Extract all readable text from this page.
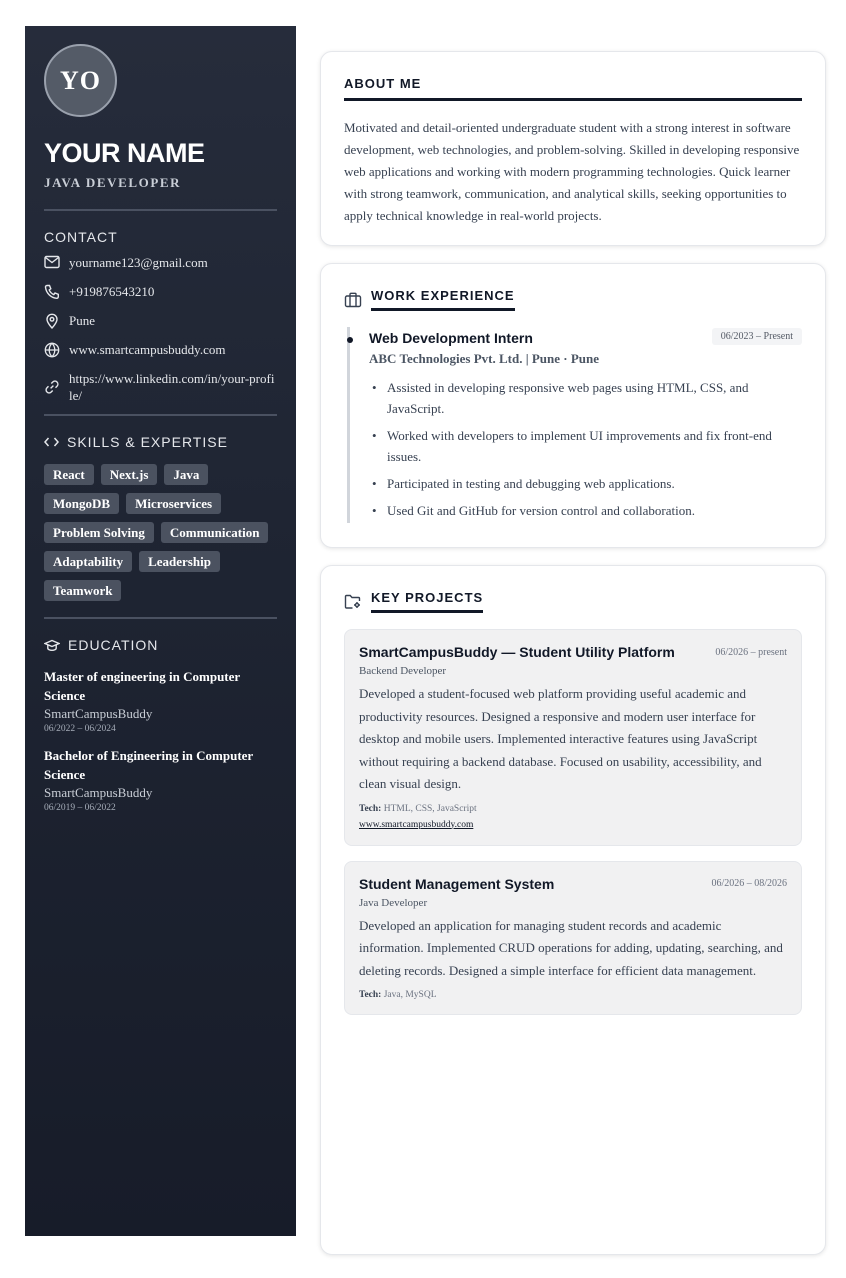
YO
YOUR NAME
JAVA DEVELOPER
CONTACT
yourname123@gmail.com
+919876543210
Pune
www.smartcampusbuddy.com
https://www.linkedin.com/in/your-profile/
SKILLS & EXPERTISE
React	Next.js	Java
MongoDB	Microservices
Problem Solving	Communication
Adaptability	Leadership
Teamwork
EDUCATION
Master of engineering in Computer Science
SmartCampusBuddy
06/2022 – 06/2024
Bachelor of Engineering in Computer Science
SmartCampusBuddy
06/2019 – 06/2022
ABOUT ME

Motivated and detail-oriented undergraduate student with a strong interest in software development, web technologies, and problem-solving. Skilled in developing responsive web applications and working with modern programming technologies. Quick learner with strong teamwork, communication, and analytical skills, seeking opportunities to apply technical knowledge in real-world projects.

WORK EXPERIENCE
Web Development Intern	06/2023 – Present
ABC Technologies Pvt. Ltd. | Pune · Pune
• Assisted in developing responsive web pages using HTML, CSS, and JavaScript.
• Worked with developers to implement UI improvements and fix front-end issues.
• Participated in testing and debugging web applications.
• Used Git and GitHub for version control and collaboration.
KEY PROJECTS
SmartCampusBuddy — Student Utility Platform	06/2026 – present
Backend Developer
Developed a student-focused web platform providing useful academic and productivity resources. Designed a responsive and modern user interface for desktop and mobile users. Implemented interactive features using JavaScript without requiring a backend database. Focused on usability, accessibility, and clean visual design.
Tech: HTML, CSS, JavaScript
www.smartcampusbuddy.com
Student Management System	06/2026 – 08/2026
Java Developer
Developed an application for managing student records and academic information. Implemented CRUD operations for adding, updating, searching, and deleting records. Designed a simple interface for efficient data management.
Tech: Java, MySQL
